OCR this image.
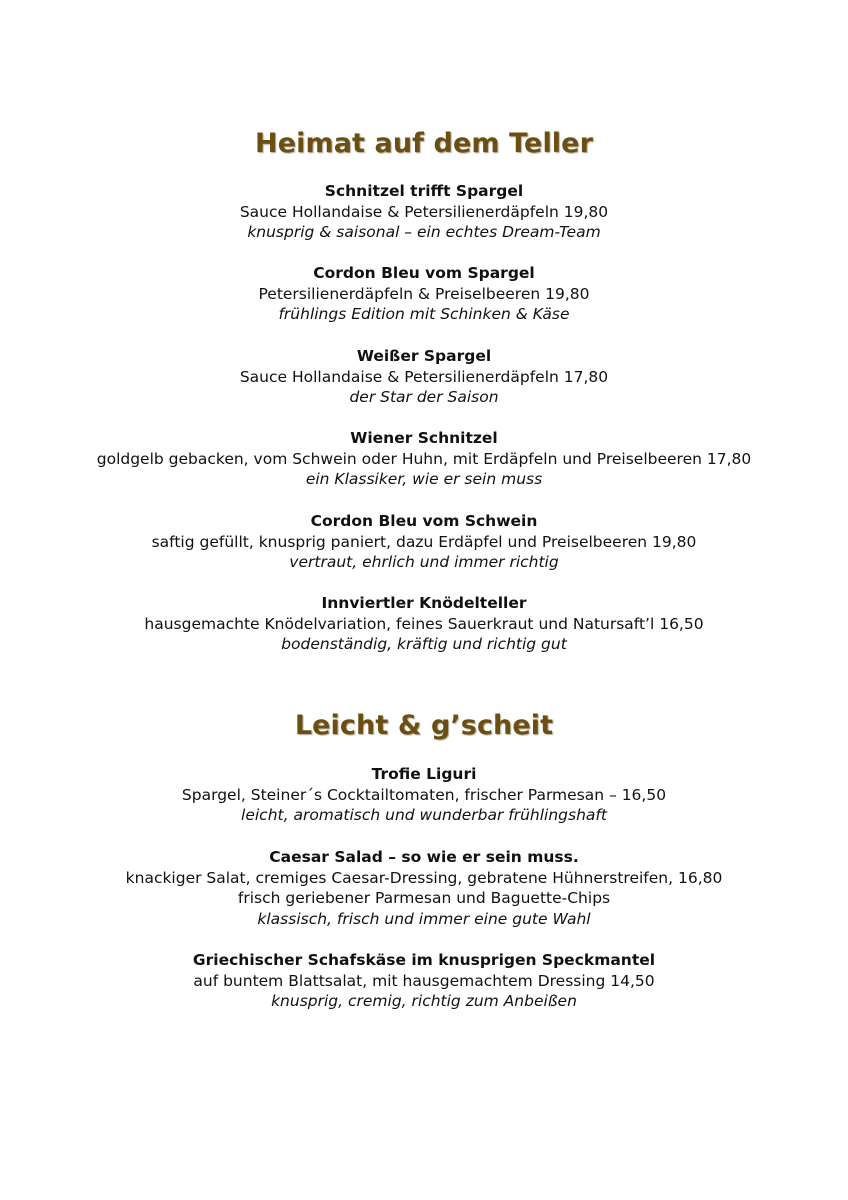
Heimat auf dem Teller
Schnitzel trifft Spargel
Sauce Hollandaise & Petersilienerdäpfeln 19,80
knusprig & saisonal – ein echtes Dream-Team
Cordon Bleu vom Spargel
Petersilienerdäpfeln & Preiselbeeren 19,80
frühlings Edition mit Schinken & Käse
Weißer Spargel
Sauce Hollandaise & Petersilienerdäpfeln 17,80
der Star der Saison
Wiener Schnitzel
goldgelb gebacken, vom Schwein oder Huhn, mit Erdäpfeln und Preiselbeeren 17,80
ein Klassiker, wie er sein muss
Cordon Bleu vom Schwein
saftig gefüllt, knusprig paniert, dazu Erdäpfel und Preiselbeeren 19,80
vertraut, ehrlich und immer richtig
Innviertler Knödelteller
hausgemachte Knödelvariation, feines Sauerkraut und Natursaft’l 16,50
bodenständig, kräftig und richtig gut
Leicht & g’scheit
Trofie Liguri
Spargel, Steiner´s Cocktailtomaten, frischer Parmesan – 16,50
leicht, aromatisch und wunderbar frühlingshaft
Caesar Salad – so wie er sein muss.
knackiger Salat, cremiges Caesar-Dressing, gebratene Hühnerstreifen, 16,80
frisch geriebener Parmesan und Baguette-Chips
klassisch, frisch und immer eine gute Wahl
Griechischer Schafskäse im knusprigen Speckmantel
auf buntem Blattsalat, mit hausgemachtem Dressing 14,50
knusprig, cremig, richtig zum Anbeißen
